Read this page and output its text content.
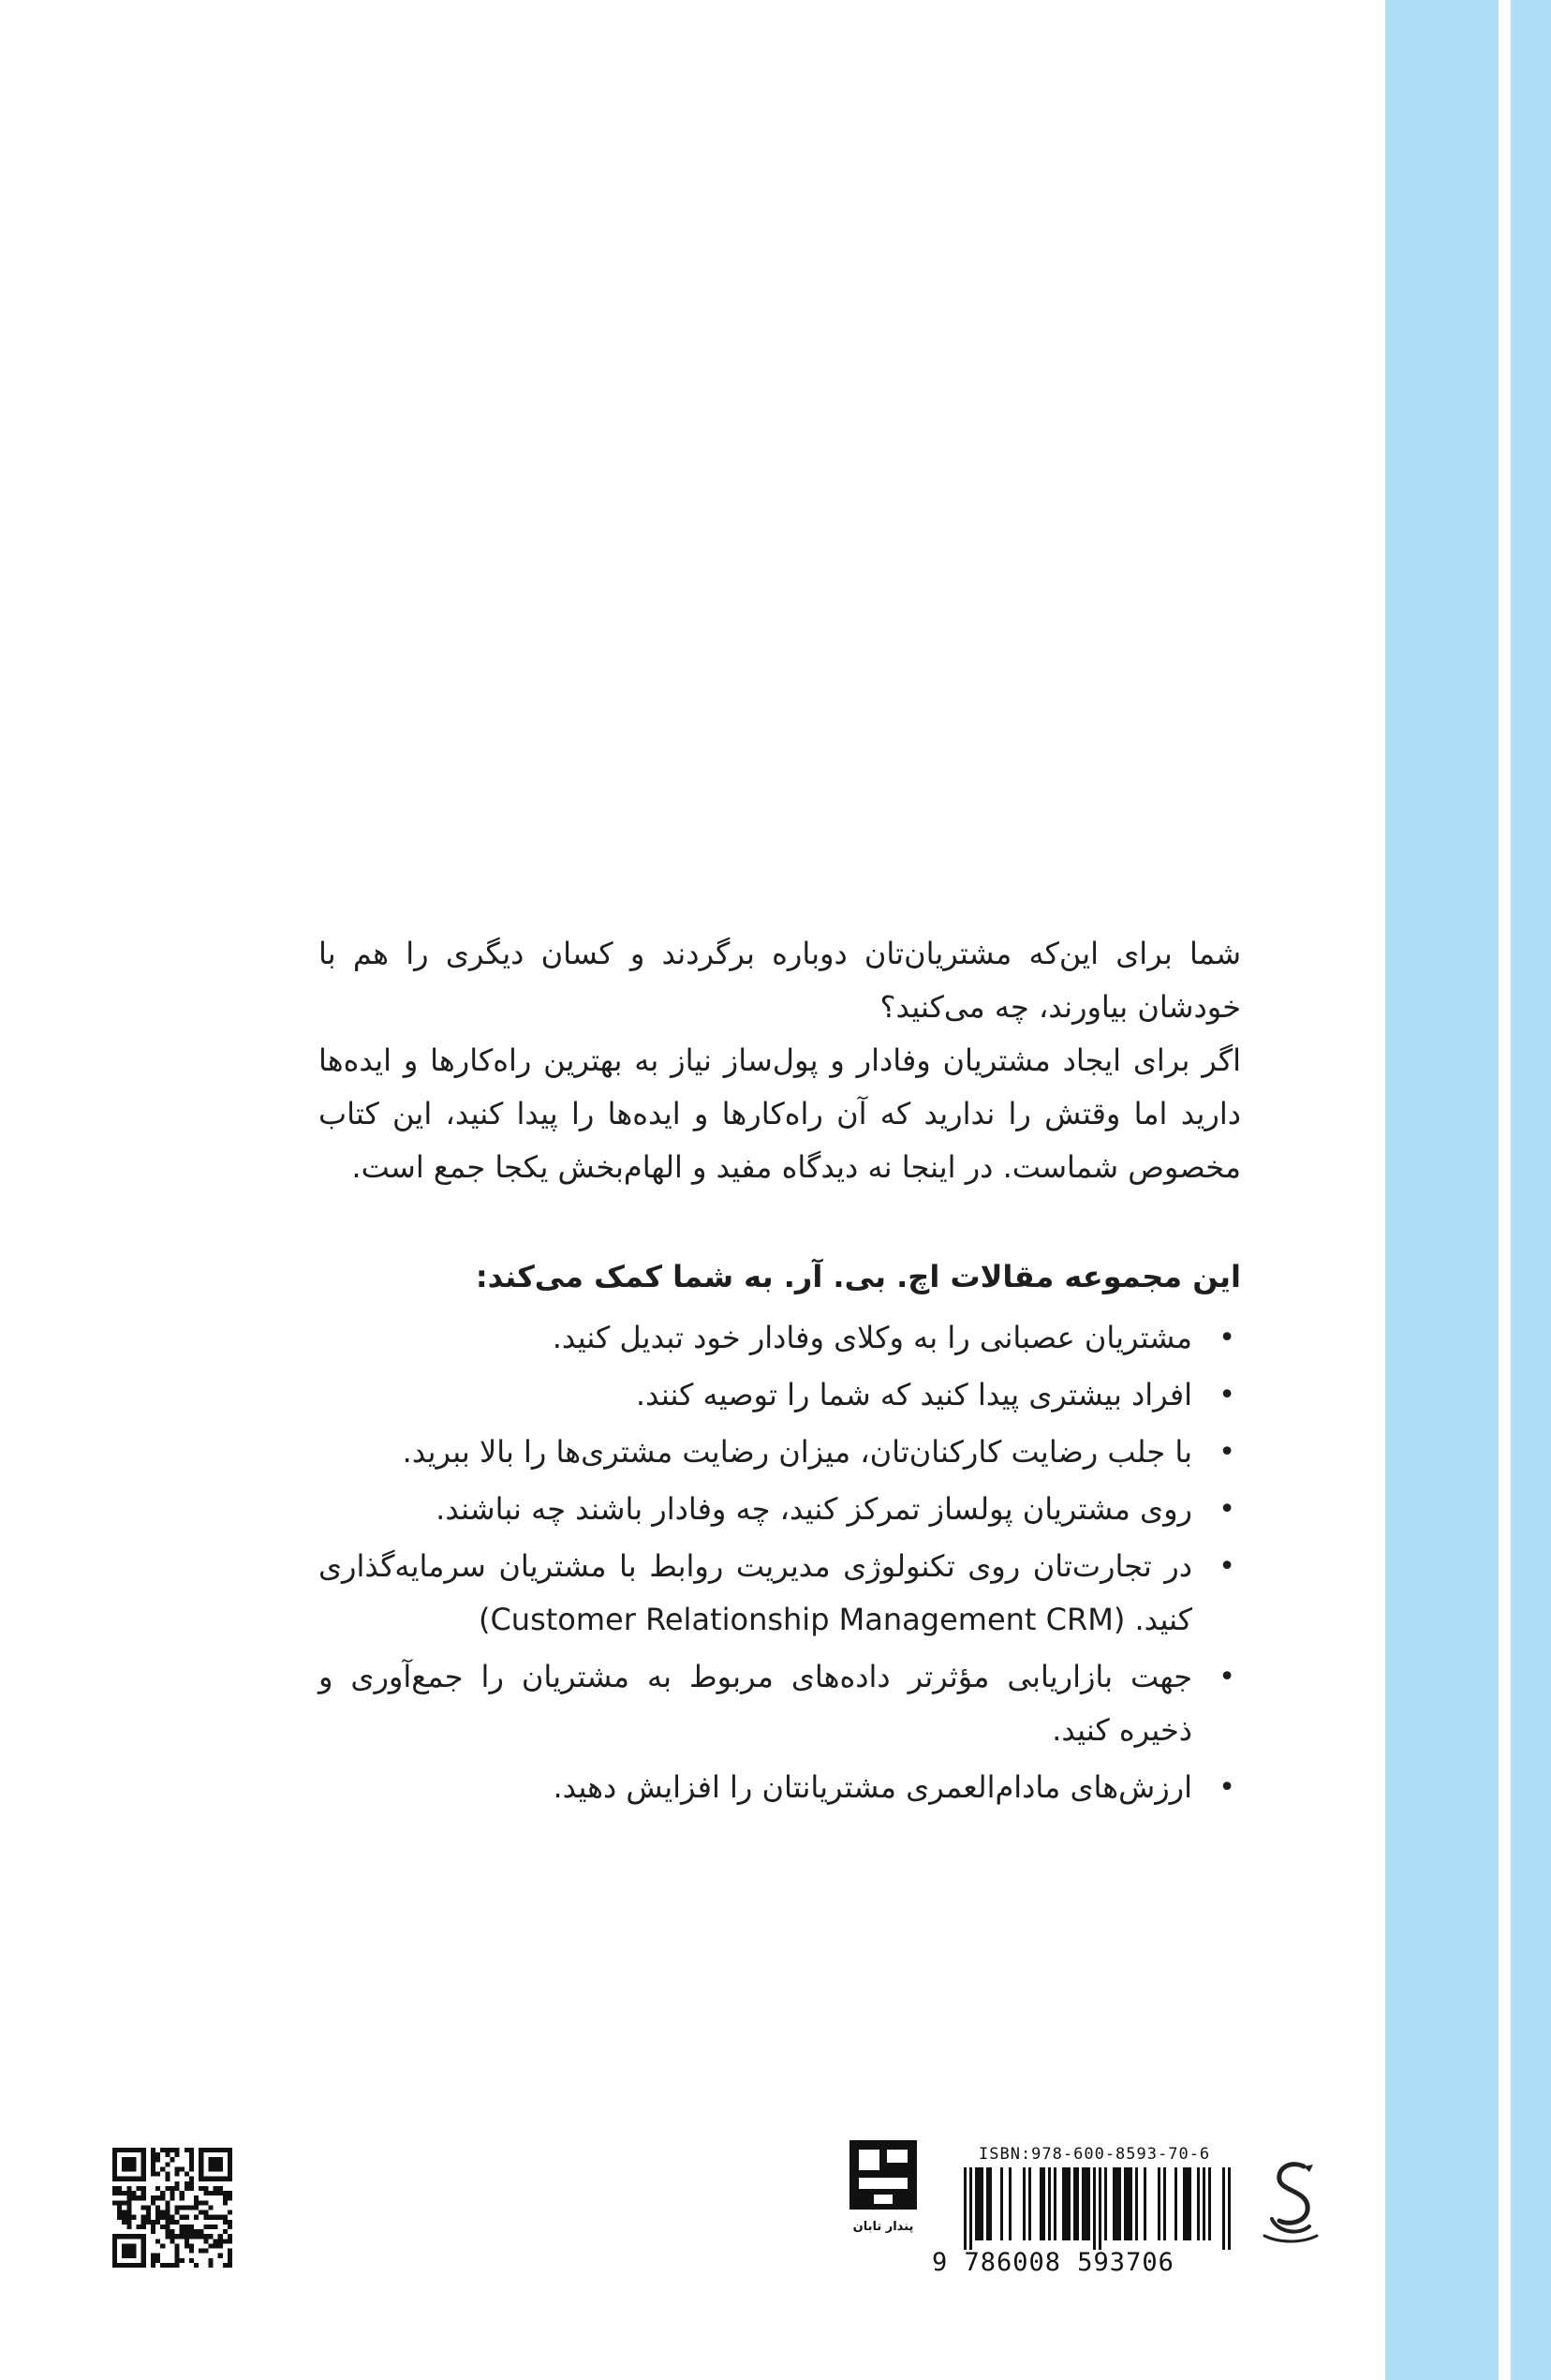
شما برای این‌که مشتریان‌تان دوباره برگردند و کسان دیگری را هم با خودشان بیاورند، چه می‌کنید؟

اگر برای ایجاد مشتریان وفادار و پول‌ساز نیاز به بهترین راه‌کارها و ایده‌ها دارید اما وقتش را ندارید که آن راه‌کارها و ایده‌ها را پیدا کنید، این کتاب مخصوص شماست. در اینجا نه دیدگاه مفید و الهام‌بخش یکجا جمع است.

این مجموعه مقالات اچ. بی. آر. به شما کمک می‌کند:
•
مشتریان عصبانی را به وکلای وفادار خود تبدیل کنید.
•
افراد بیشتری پیدا کنید که شما را توصیه کنند.
•
با جلب رضایت کارکنان‌تان، میزان رضایت مشتری‌ها را بالا ببرید.
•
روی مشتریان پولساز تمرکز کنید، چه وفادار باشند چه نباشند.
•
در تجارت‌تان روی تکنولوژی مدیریت روابط با مشتریان سرمایه‌گذاری کنید. (Customer Relationship Management CRM)
•
جهت بازاریابی مؤثرتر داده‌های مربوط به مشتریان را جمع‌آوری و ذخیره کنید.
•
ارزش‌های مادام‌العمری مشتریانتان را افزایش دهید.
پندار تابان
ISBN:978-600-8593-70-6
9 786008 593706
